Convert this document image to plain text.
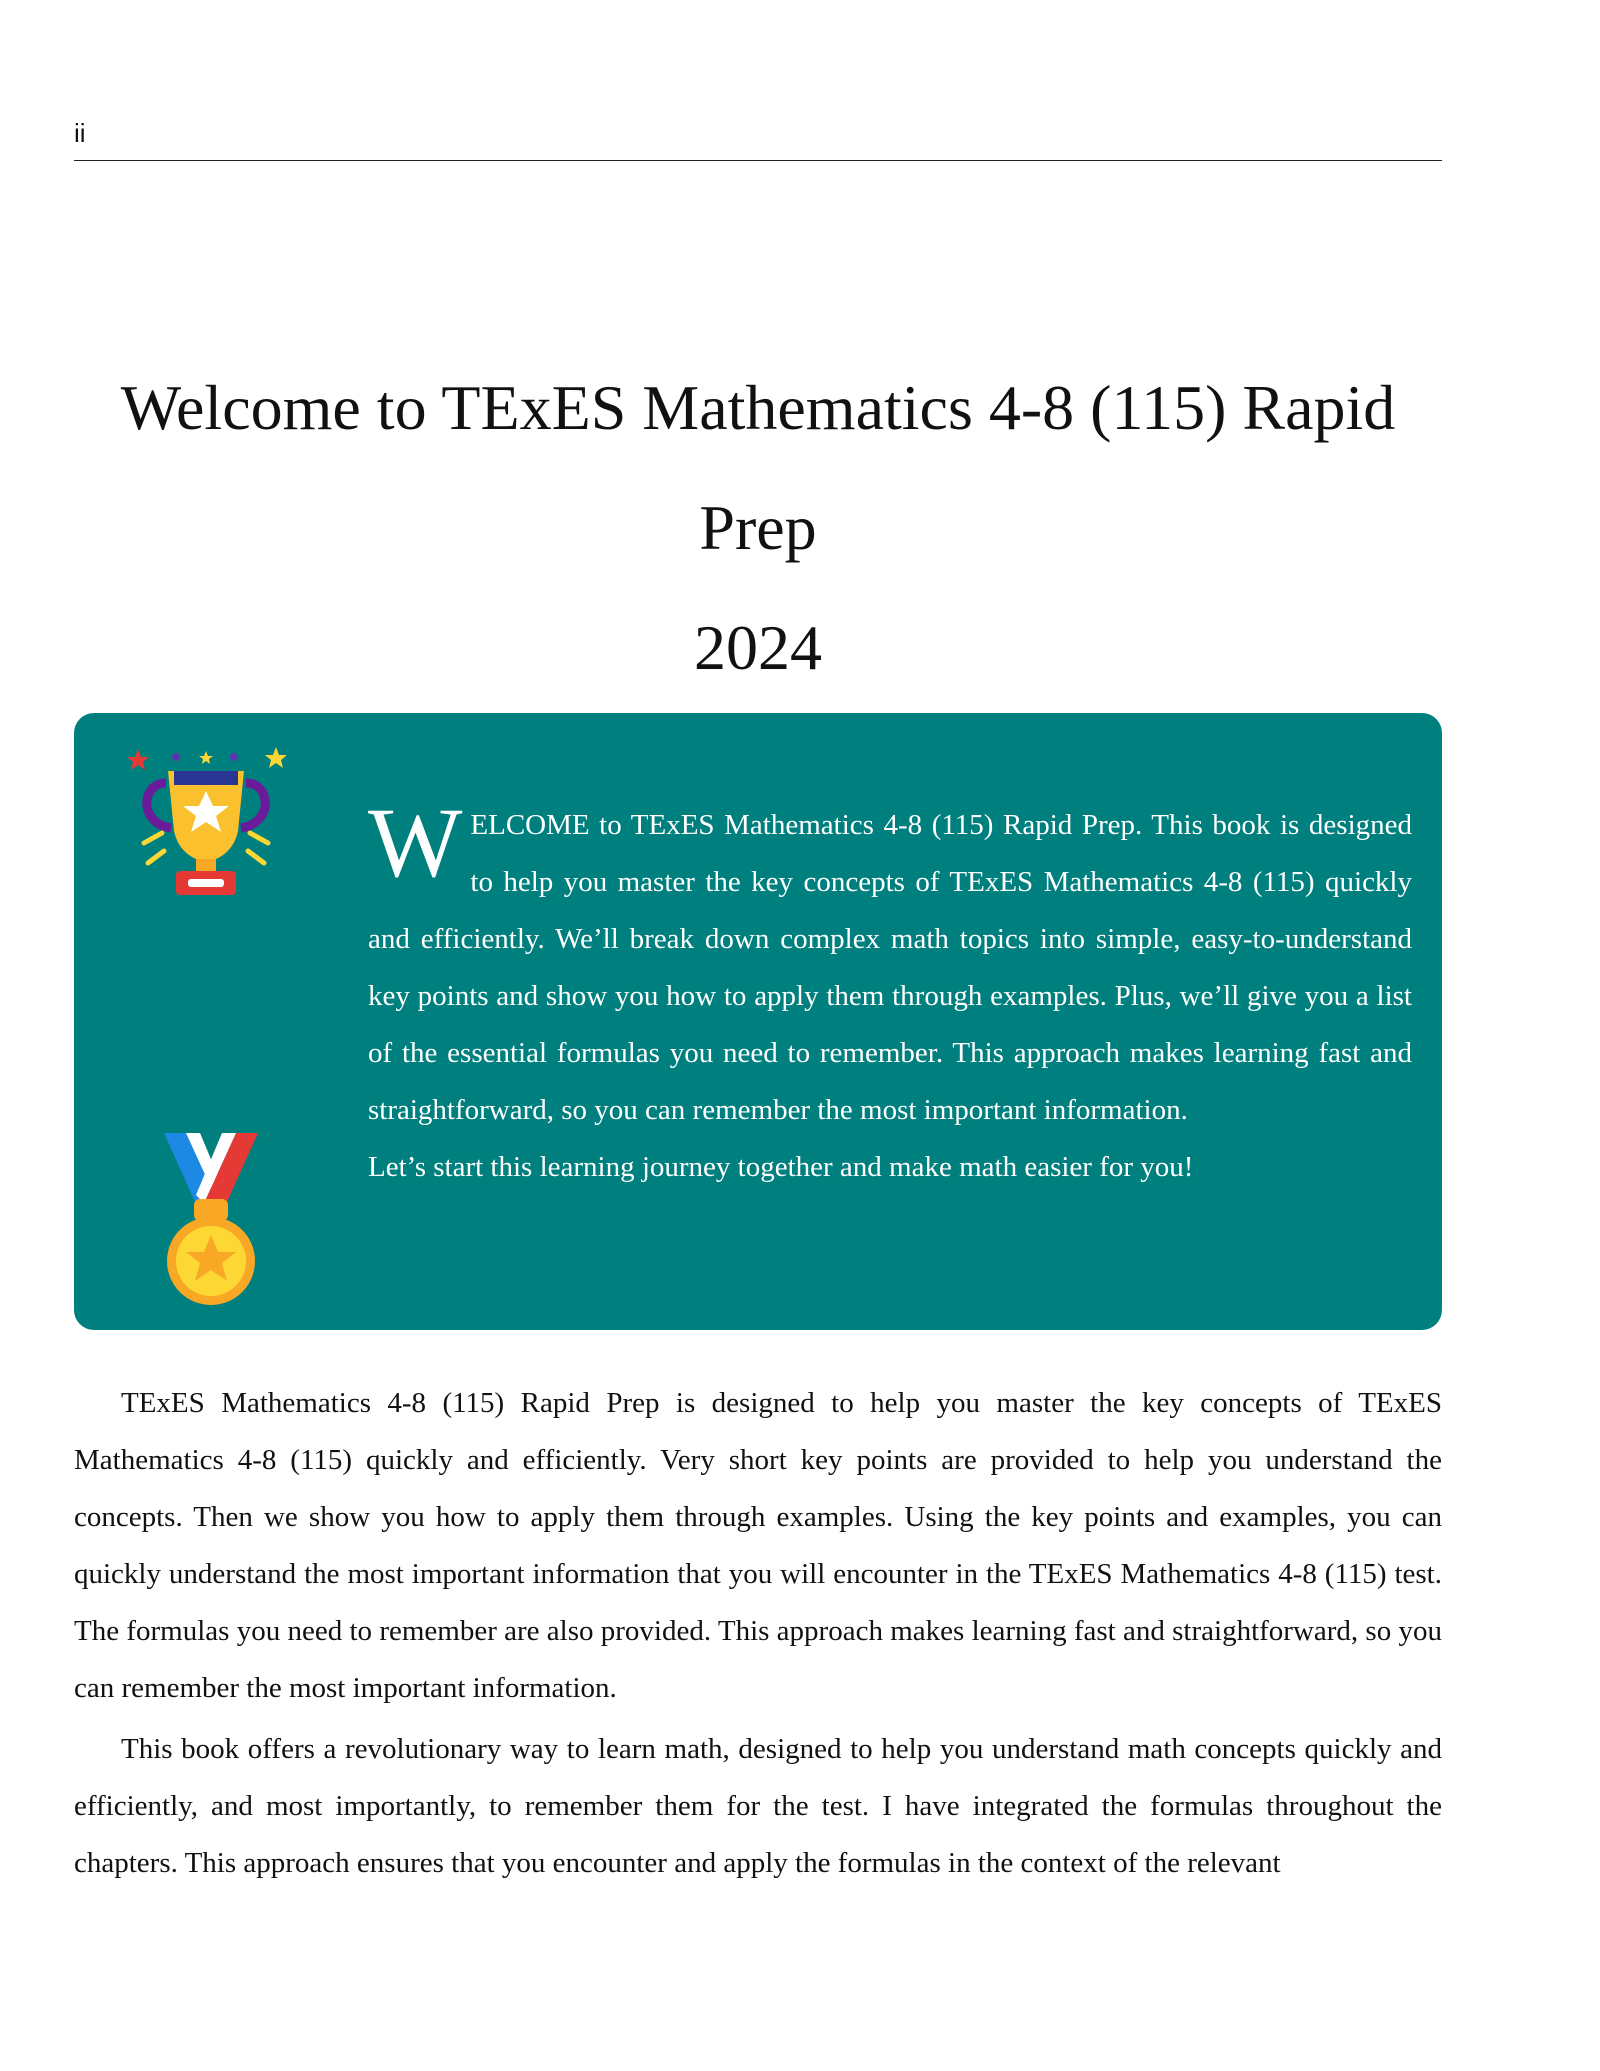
ii
Welcome to TExES Mathematics 4-8 (115) Rapid Prep
2024

WELCOME to TExES Mathematics 4-8 (115) Rapid Prep. This book is designed to help you master the key concepts of TExES Mathematics 4-8 (115) quickly and efficiently. We’ll break down complex math topics into simple, easy-to-understand key points and show you how to apply them through examples. Plus, we’ll give you a list of the essential formulas you need to remember. This approach makes learning fast and straightforward, so you can remember the most important information.

Let’s start this learning journey together and make math easier for you!

TExES Mathematics 4-8 (115) Rapid Prep is designed to help you master the key concepts of TExES Mathematics 4-8 (115) quickly and efficiently. Very short key points are provided to help you understand the concepts. Then we show you how to apply them through examples. Using the key points and examples, you can quickly understand the most important information that you will encounter in the TExES Mathematics 4-8 (115) test. The formulas you need to remember are also provided. This approach makes learning fast and straightforward, so you can remember the most important information.

This book offers a revolutionary way to learn math, designed to help you understand math concepts quickly and efficiently, and most importantly, to remember them for the test. I have integrated the formulas throughout the chapters. This approach ensures that you encounter and apply the formulas in the context of the relevant
